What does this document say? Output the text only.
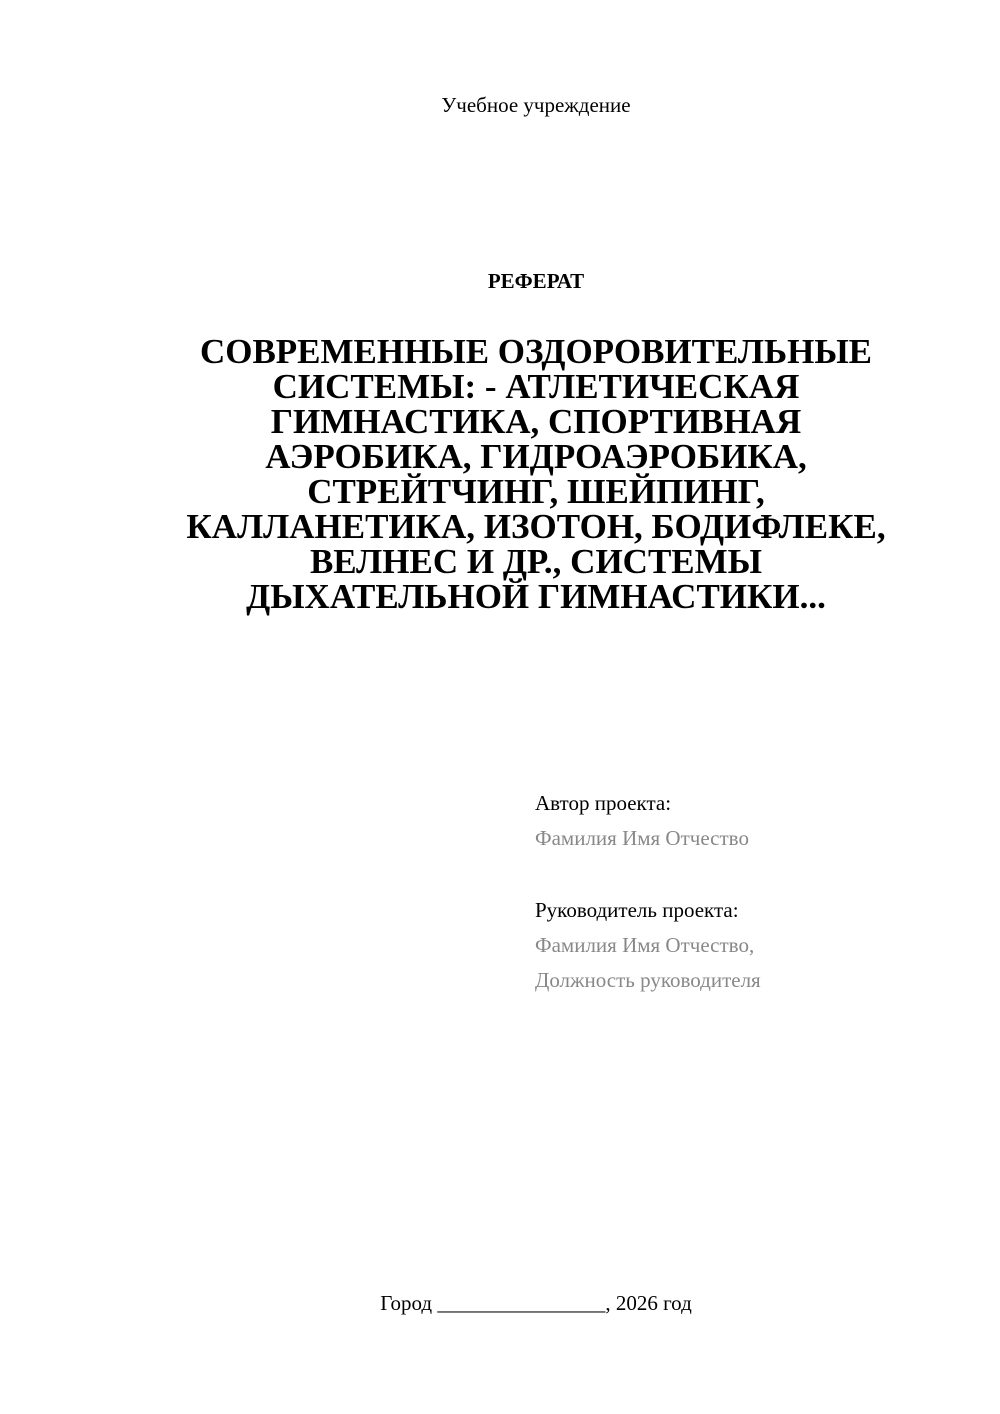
Учебное учреждение
РЕФЕРАТ
СОВРЕМЕННЫЕ ОЗДОРОВИТЕЛЬНЫЕ
СИСТЕМЫ: - АТЛЕТИЧЕСКАЯ
ГИМНАСТИКА, СПОРТИВНАЯ
АЭРОБИКА, ГИДРОАЭРОБИКА,
СТРЕЙТЧИНГ, ШЕЙПИНГ,
КАЛЛАНЕТИКА, ИЗОТОН, БОДИФЛЕКЕ,
ВЕЛНЕС И ДР., СИСТЕМЫ
ДЫХАТЕЛЬНОЙ ГИМНАСТИКИ...
Автор проекта:
Фамилия Имя Отчество
Руководитель проекта:
Фамилия Имя Отчество,
Должность руководителя
Город ________________, 2026 год
